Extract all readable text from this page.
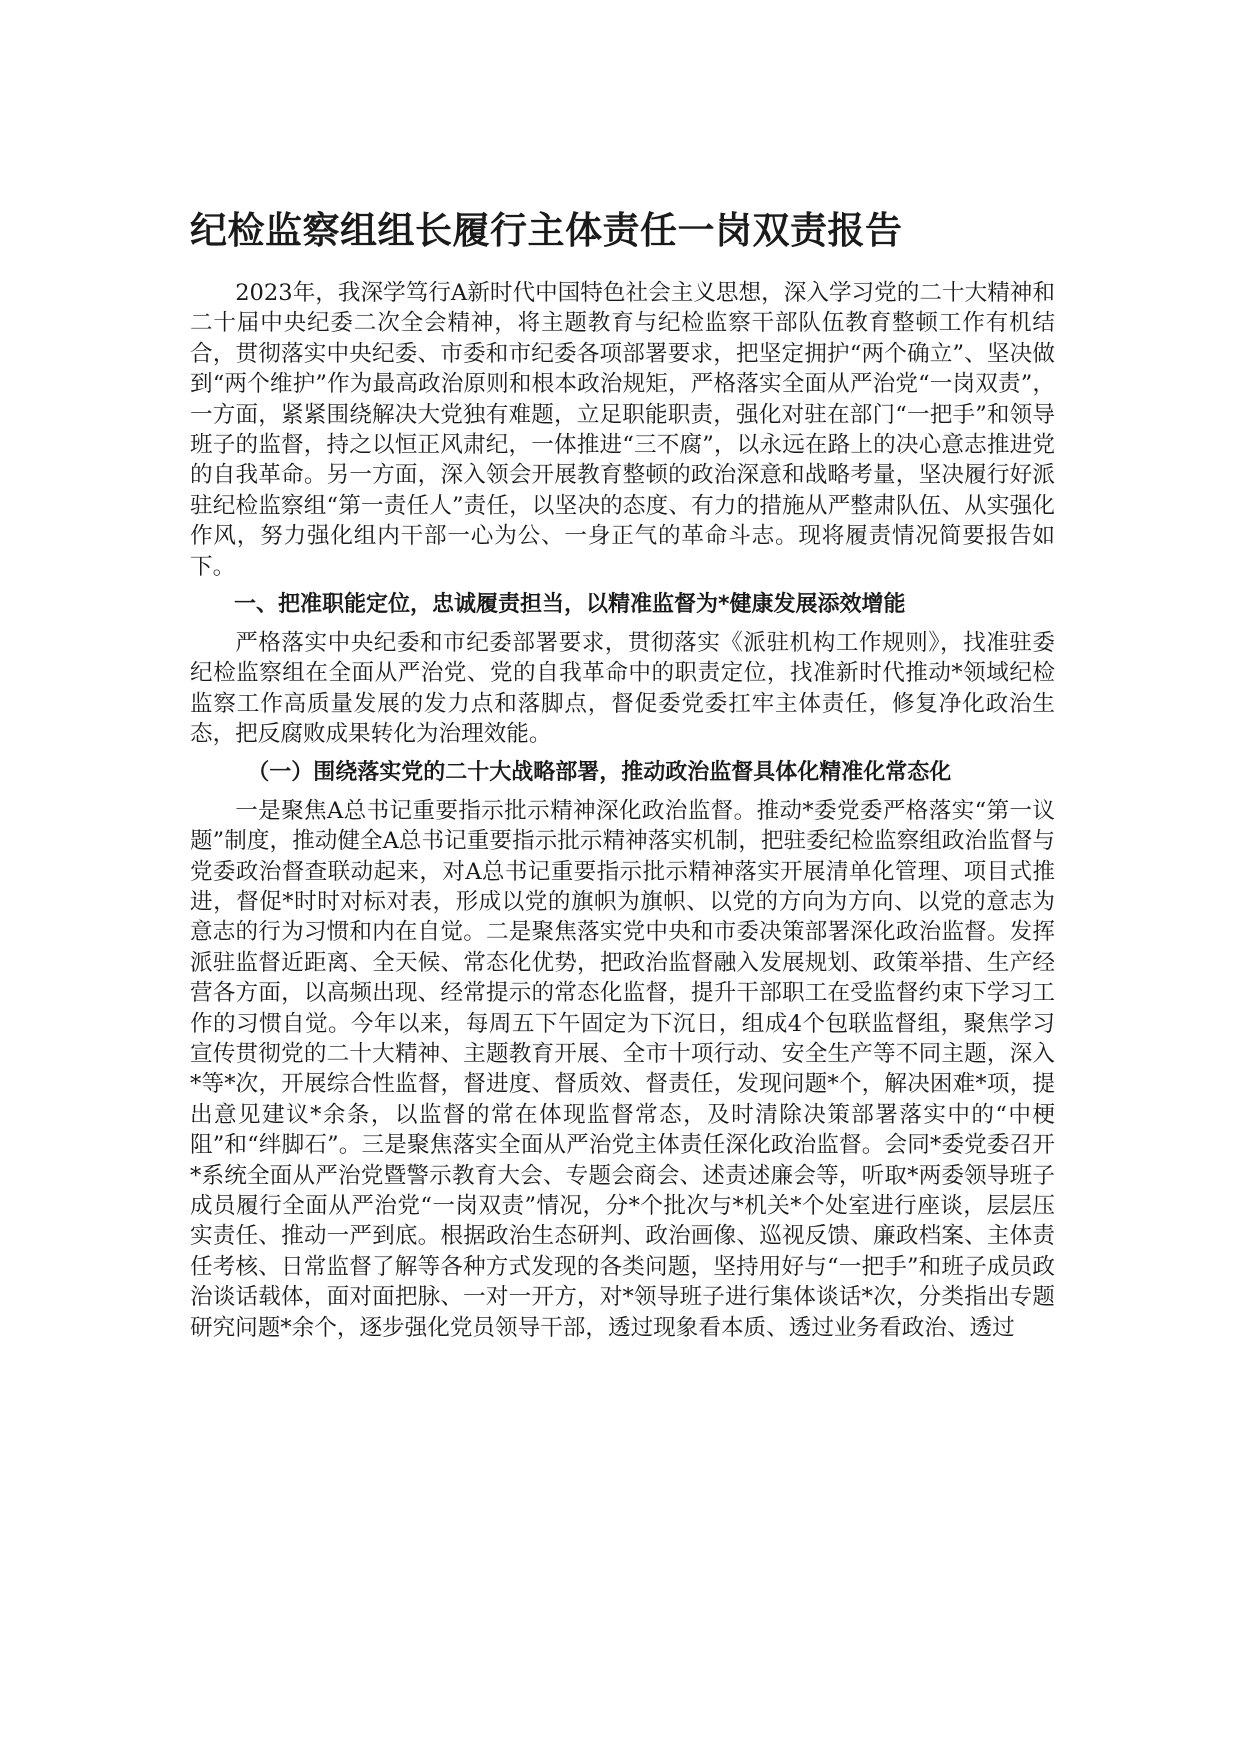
纪检监察组组长履行主体责任一岗双责报告

2023年，我深学笃行A新时代中国特色社会主义思想，深入学习党的二十大精神和二十届中央纪委二次全会精神，将主题教育与纪检监察干部队伍教育整顿工作有机结合，贯彻落实中央纪委、市委和市纪委各项部署要求，把坚定拥护“两个确立”、坚决做到“两个维护”作为最高政治原则和根本政治规矩，严格落实全面从严治党“一岗双责”，一方面，紧紧围绕解决大党独有难题，立足职能职责，强化对驻在部门“一把手”和领导班子的监督，持之以恒正风肃纪，一体推进“三不腐”，以永远在路上的决心意志推进党的自我革命。另一方面，深入领会开展教育整顿的政治深意和战略考量，坚决履行好派驻纪检监察组“第一责任人”责任，以坚决的态度、有力的措施从严整肃队伍、从实强化作风，努力强化组内干部一心为公、一身正气的革命斗志。现将履责情况简要报告如下。

一、把准职能定位，忠诚履责担当，以精准监督为*健康发展添效增能

严格落实中央纪委和市纪委部署要求，贯彻落实《派驻机构工作规则》，找准驻委纪检监察组在全面从严治党、党的自我革命中的职责定位，找准新时代推动*领域纪检监察工作高质量发展的发力点和落脚点，督促委党委扛牢主体责任，修复净化政治生态，把反腐败成果转化为治理效能。

（一）围绕落实党的二十大战略部署，推动政治监督具体化精准化常态化

一是聚焦A总书记重要指示批示精神深化政治监督。推动*委党委严格落实“第一议题”制度，推动健全A总书记重要指示批示精神落实机制，把驻委纪检监察组政治监督与党委政治督查联动起来，对A总书记重要指示批示精神落实开展清单化管理、项目式推进，督促*时时对标对表，形成以党的旗帜为旗帜、以党的方向为方向、以党的意志为意志的行为习惯和内在自觉。二是聚焦落实党中央和市委决策部署深化政治监督。发挥派驻监督近距离、全天候、常态化优势，把政治监督融入发展规划、政策举措、生产经营各方面，以高频出现、经常提示的常态化监督，提升干部职工在受监督约束下学习工作的习惯自觉。今年以来，每周五下午固定为下沉日，组成4个包联监督组，聚焦学习宣传贯彻党的二十大精神、主题教育开展、全市十项行动、安全生产等不同主题，深入*等*次，开展综合性监督，督进度、督质效、督责任，发现问题*个，解决困难*项，提出意见建议*余条，以监督的常在体现监督常态，及时清除决策部署落实中的“中梗阻”和“绊脚石”。三是聚焦落实全面从严治党主体责任深化政治监督。会同*委党委召开*系统全面从严治党暨警示教育大会、专题会商会、述责述廉会等，听取*两委领导班子成员履行全面从严治党“一岗双责”情况，分*个批次与*机关*个处室进行座谈，层层压实责任、推动一严到底。根据政治生态研判、政治画像、巡视反馈、廉政档案、主体责任考核、日常监督了解等各种方式发现的各类问题，坚持用好与“一把手”和班子成员政治谈话载体，面对面把脉、一对一开方，对*领导班子进行集体谈话*次，分类指出专题研究问题*余个，逐步强化党员领导干部，透过现象看本质、透过业务看政治、透过
